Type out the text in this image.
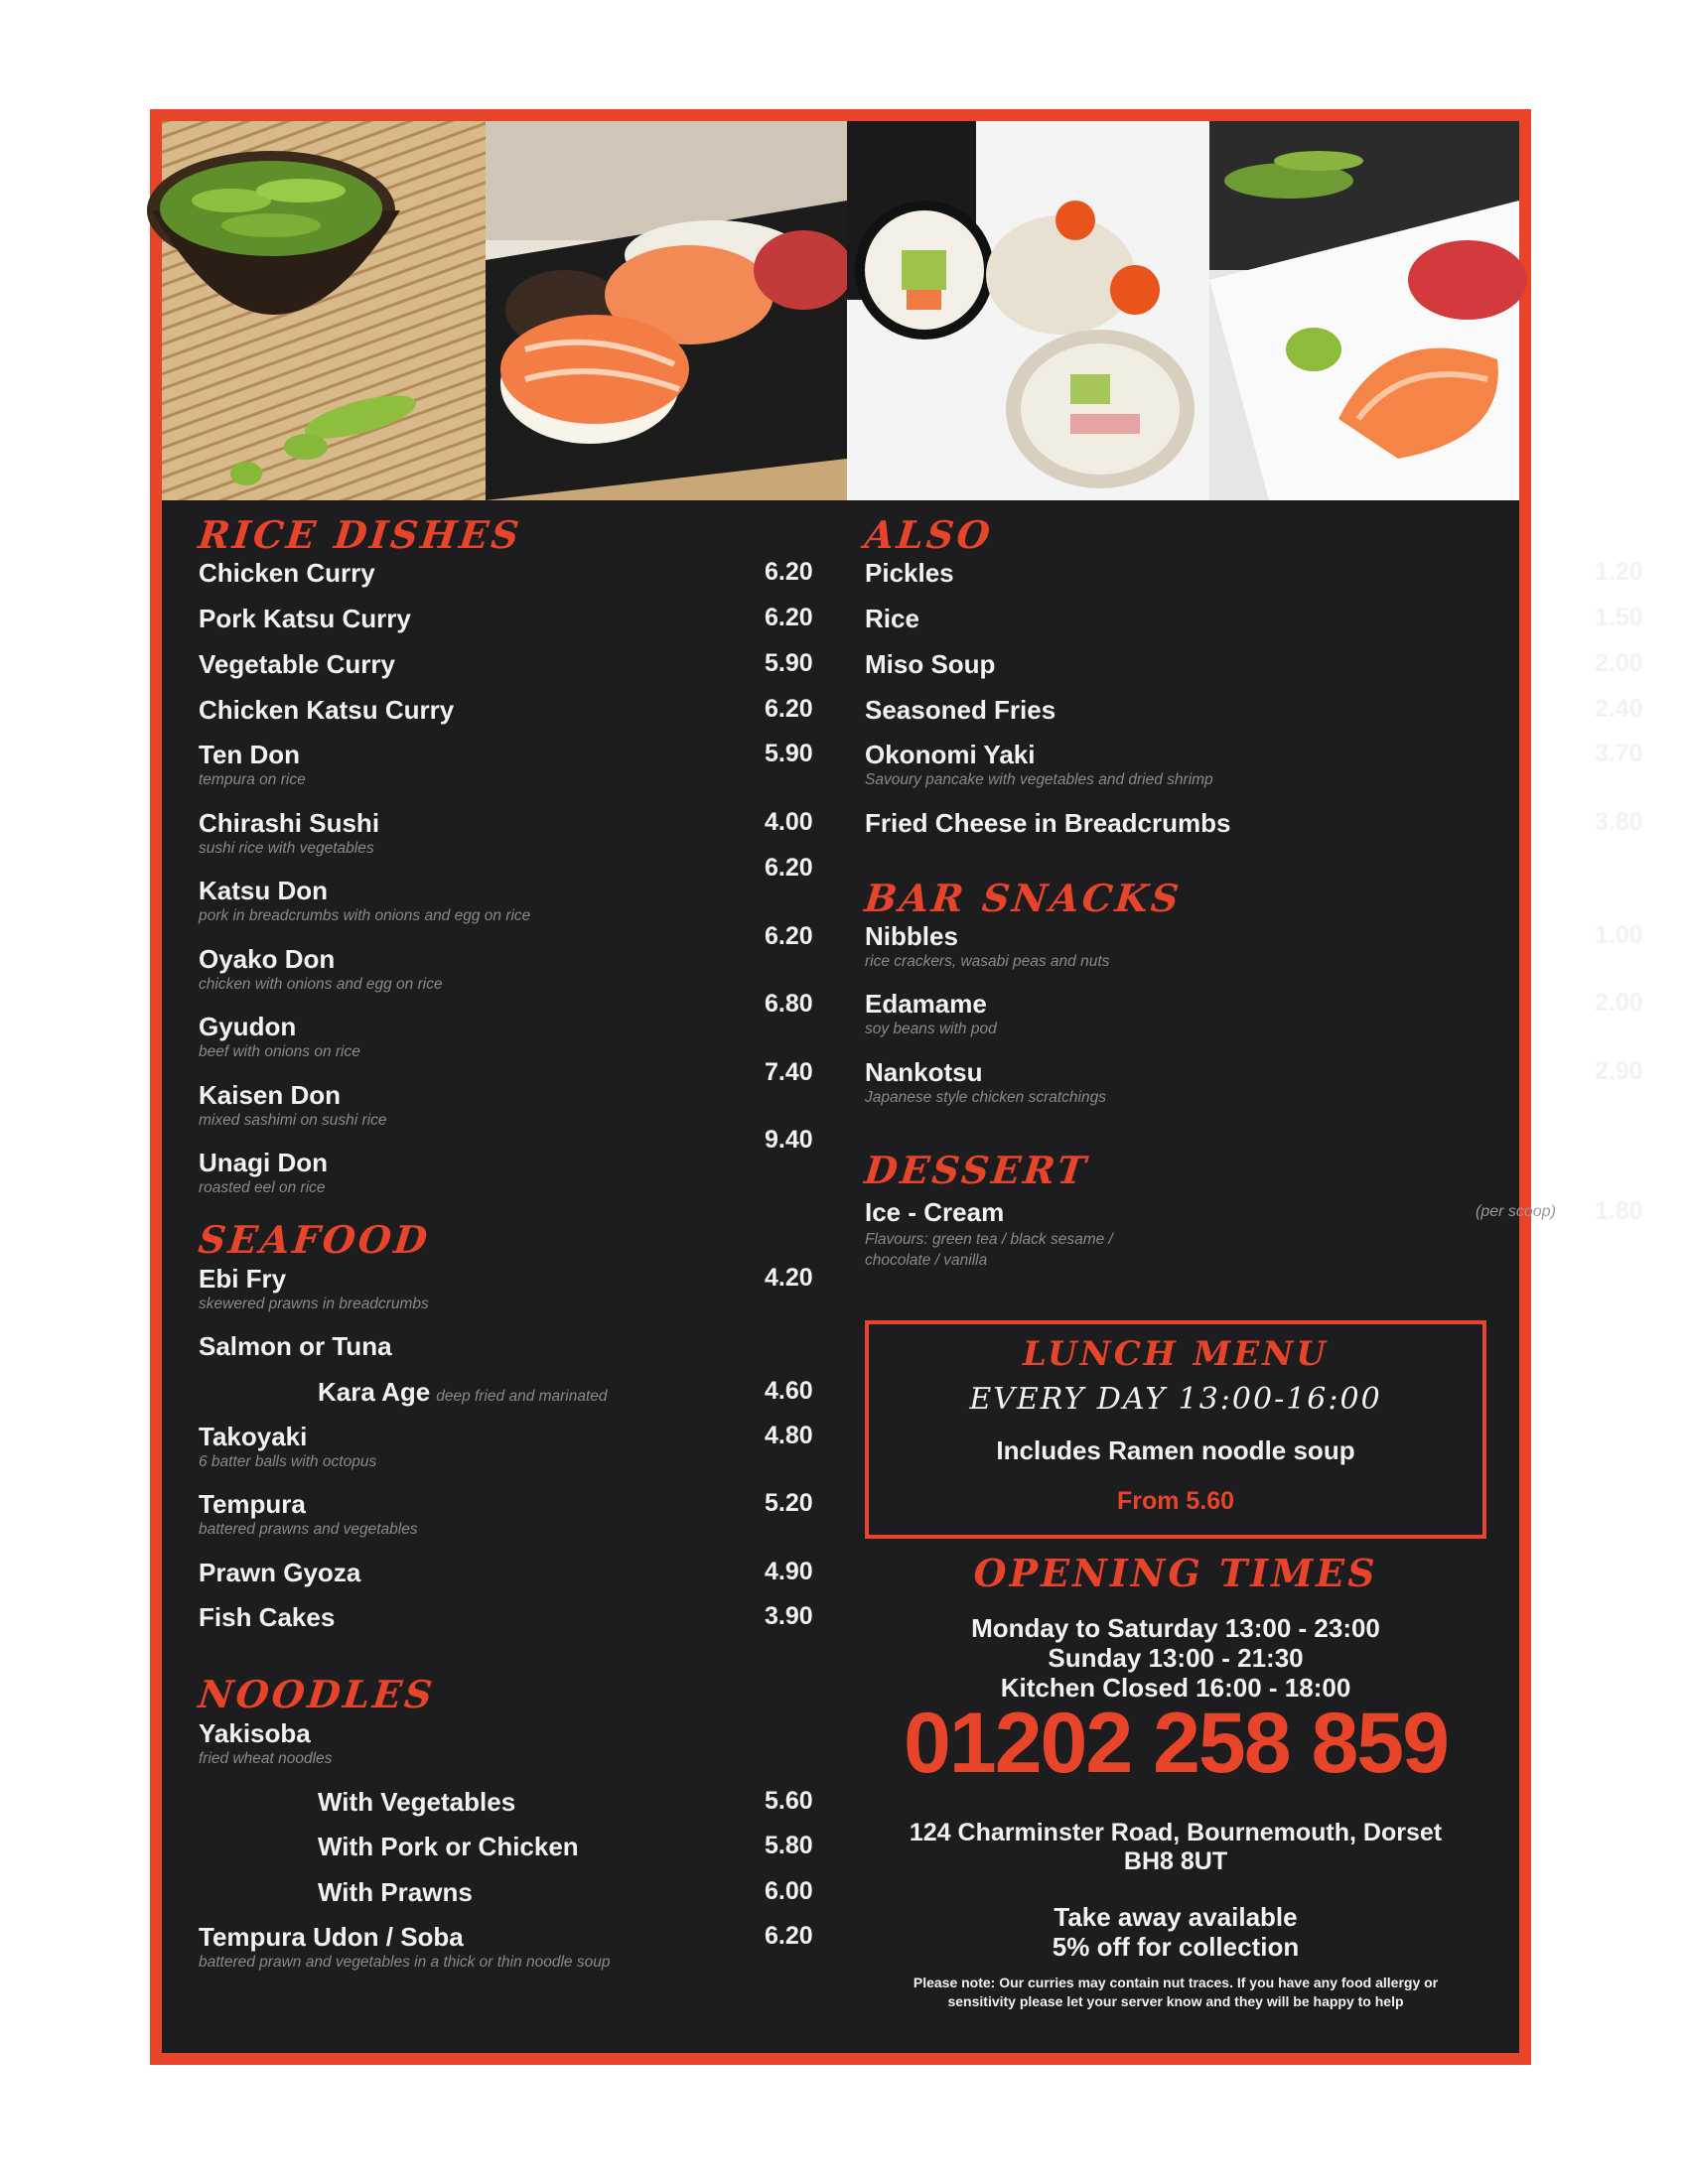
RICE DISHES
Chicken Curry	6.20
Pork Katsu Curry	6.20
Vegetable Curry	5.90
Chicken Katsu Curry	6.20
Ten Don
tempura on rice
5.90
Chirashi Sushi
sushi rice with vegetables
4.00
Katsu Don
pork in breadcrumbs with onions and egg on rice
6.20
Oyako Don
chicken with onions and egg on rice
6.20
Gyudon
beef with onions on rice
6.80
Kaisen Don
mixed sashimi on sushi rice
7.40
Unagi Don
roasted eel on rice
9.40
SEAFOOD
Ebi Fry
skewered prawns in breadcrumbs
4.20
Salmon or Tuna
Kara Age deep fried and marinated	4.60
Takoyaki
6 batter balls with octopus
4.80
Tempura
battered prawns and vegetables
5.20
Prawn Gyoza	4.90
Fish Cakes	3.90
NOODLES
Yakisoba
fried wheat noodles
With Vegetables	5.60
With Pork or Chicken	5.80
With Prawns	6.00
Tempura Udon / Soba
battered prawn and vegetables in a thick or thin noodle soup
6.20
ALSO
Pickles	1.20
Rice	1.50
Miso Soup	2.00
Seasoned Fries	2.40
Okonomi Yaki
Savoury pancake with vegetables and dried shrimp
3.70
Fried Cheese in Breadcrumbs	3.80
BAR SNACKS
Nibbles
rice crackers, wasabi peas and nuts
1.00
Edamame
soy beans with pod
2.00
Nankotsu
Japanese style chicken scratchings
2.90
DESSERT
Ice - Cream
Flavours: green tea / black sesame / chocolate / vanilla
(per scoop) 1.80
LUNCH MENU
EVERY DAY 13:00-16:00
Includes Ramen noodle soup
From 5.60
OPENING TIMES
Monday to Saturday 13:00 - 23:00
Sunday 13:00 - 21:30
Kitchen Closed 16:00 - 18:00
01202 258 859
124 Charminster Road, Bournemouth, Dorset
BH8 8UT
Take away available
5% off for collection
Please note: Our curries may contain nut traces. If you have any food allergy or
sensitivity please let your server know and they will be happy to help
